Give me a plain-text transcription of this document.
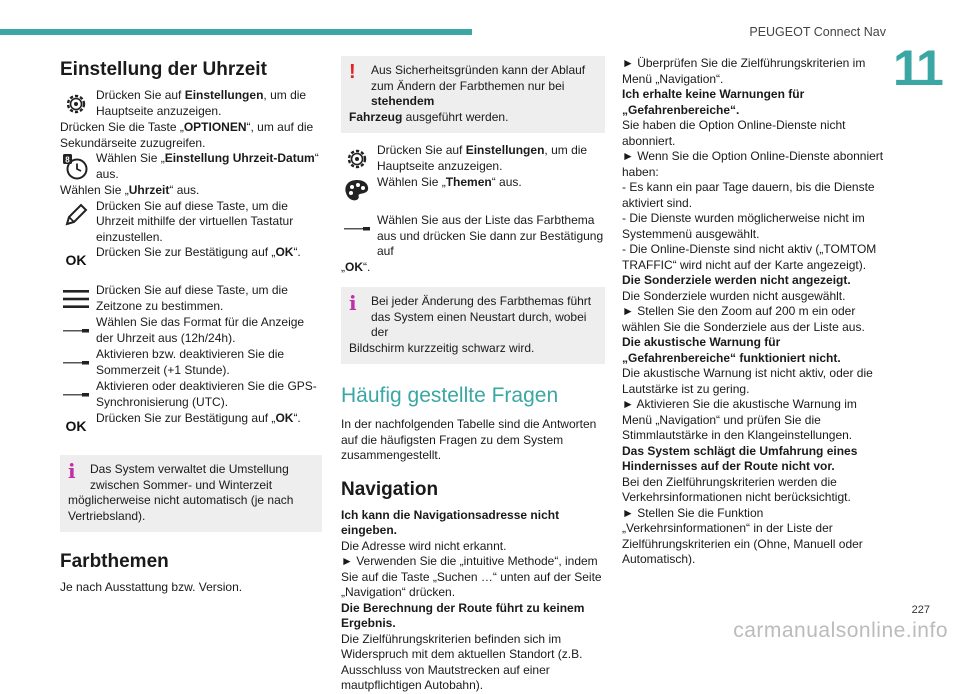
PEUGEOT Connect Nav
11
Einstellung der Uhrzeit
Drücken Sie auf Einstellungen, um die Hauptseite anzuzeigen.

Drücken Sie die Taste „OPTIONEN“, um auf die Sekundärseite zuzugreifen.

8 Wählen Sie „Einstellung Uhrzeit-Datum“ aus.

Wählen Sie „Uhrzeit“ aus.

Drücken Sie auf diese Taste, um die Uhrzeit mithilfe der virtuellen Tastatur einzustellen.
OK
Drücken Sie zur Bestätigung auf „OK“.
Drücken Sie auf diese Taste, um die Zeitzone zu bestimmen.
Wählen Sie das Format für die Anzeige der Uhrzeit aus (12h/24h).
Aktivieren bzw. deaktivieren Sie die Sommerzeit (+1 Stunde).
Aktivieren oder deaktivieren Sie die GPS-Synchronisierung (UTC).
OK
Drücken Sie zur Bestätigung auf „OK“.
i	Das System verwaltet die Umstellung zwischen Sommer- und Winterzeit
möglicherweise nicht automatisch (je nach Vertriebsland).
Farbthemen

Je nach Ausstattung bzw. Version.

!	Aus Sicherheitsgründen kann der Ablauf zum Ändern der Farbthemen nur bei stehendem
Fahrzeug ausgeführt werden.
Drücken Sie auf Einstellungen, um die Hauptseite anzuzeigen.
Wählen Sie „Themen“ aus.
Wählen Sie aus der Liste das Farbthema aus und drücken Sie dann zur Bestätigung auf

„OK“.

i	Bei jeder Änderung des Farbthemas führt das System einen Neustart durch, wobei der
Bildschirm kurzzeitig schwarz wird.
Häufig gestellte Fragen

In der nachfolgenden Tabelle sind die Antworten auf die häufigsten Fragen zu dem System zusammengestellt.

Navigation

Ich kann die Navigationsadresse nicht eingeben.

Die Adresse wird nicht erkannt.

► Verwenden Sie die „intuitive Methode“, indem Sie auf die Taste „Suchen …“ unten auf der Seite „Navigation“ drücken.

Die Berechnung der Route führt zu keinem Ergebnis.

Die Zielführungskriterien befinden sich im Widerspruch mit dem aktuellen Standort (z.B. Ausschluss von Mautstrecken auf einer mautpflichtigen Autobahn).

► Überprüfen Sie die Zielführungskriterien im Menü „Navigation“.

Ich erhalte keine Warnungen für „Gefahrenbereiche“.

Sie haben die Option Online-Dienste nicht abonniert.

► Wenn Sie die Option Online-Dienste abonniert haben:

- Es kann ein paar Tage dauern, bis die Dienste aktiviert sind.

- Die Dienste wurden möglicherweise nicht im Systemmenü ausgewählt.

- Die Online-Dienste sind nicht aktiv („TOMTOM TRAFFIC“ wird nicht auf der Karte angezeigt).

Die Sonderziele werden nicht angezeigt.

Die Sonderziele wurden nicht ausgewählt.

► Stellen Sie den Zoom auf 200 m ein oder wählen Sie die Sonderziele aus der Liste aus.

Die akustische Warnung für „Gefahrenbereiche“ funktioniert nicht.

Die akustische Warnung ist nicht aktiv, oder die Lautstärke ist zu gering.

► Aktivieren Sie die akustische Warnung im Menü „Navigation“ und prüfen Sie die Stimmlautstärke in den Klangeinstellungen.

Das System schlägt die Umfahrung eines Hindernisses auf der Route nicht vor.

Bei den Zielführungskriterien werden die Verkehrsinformationen nicht berücksichtigt.

► Stellen Sie die Funktion „Verkehrsinformationen“ in der Liste der Zielführungskriterien ein (Ohne, Manuell oder Automatisch).

227
carmanualsonline.info
